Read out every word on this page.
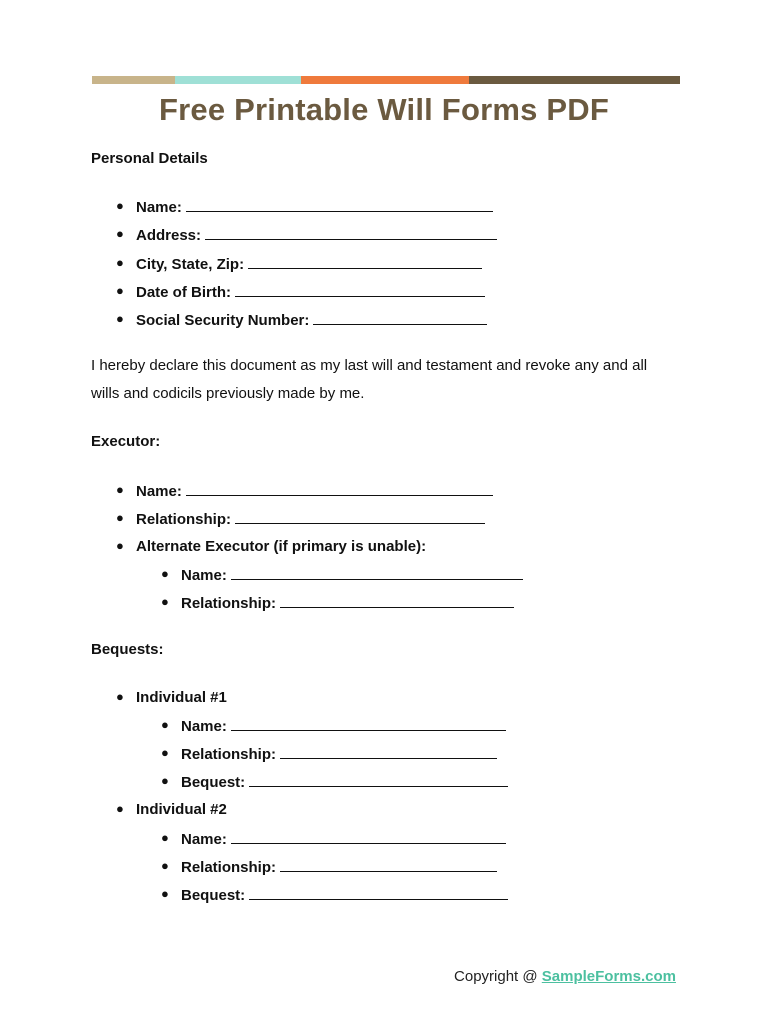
Free Printable Will Forms PDF
Personal Details
● Name:
● Address:
● City, State, Zip:
● Date of Birth:
● Social Security Number:
I hereby declare this document as my last will and testament and revoke any and all
wills and codicils previously made by me.
Executor:
● Name:
● Relationship:
● Alternate Executor (if primary is unable):
● Name:
● Relationship:
Bequests:
● Individual #1
● Name:
● Relationship:
● Bequest:
● Individual #2
● Name:
● Relationship:
● Bequest:
Copyright @ SampleForms.com
